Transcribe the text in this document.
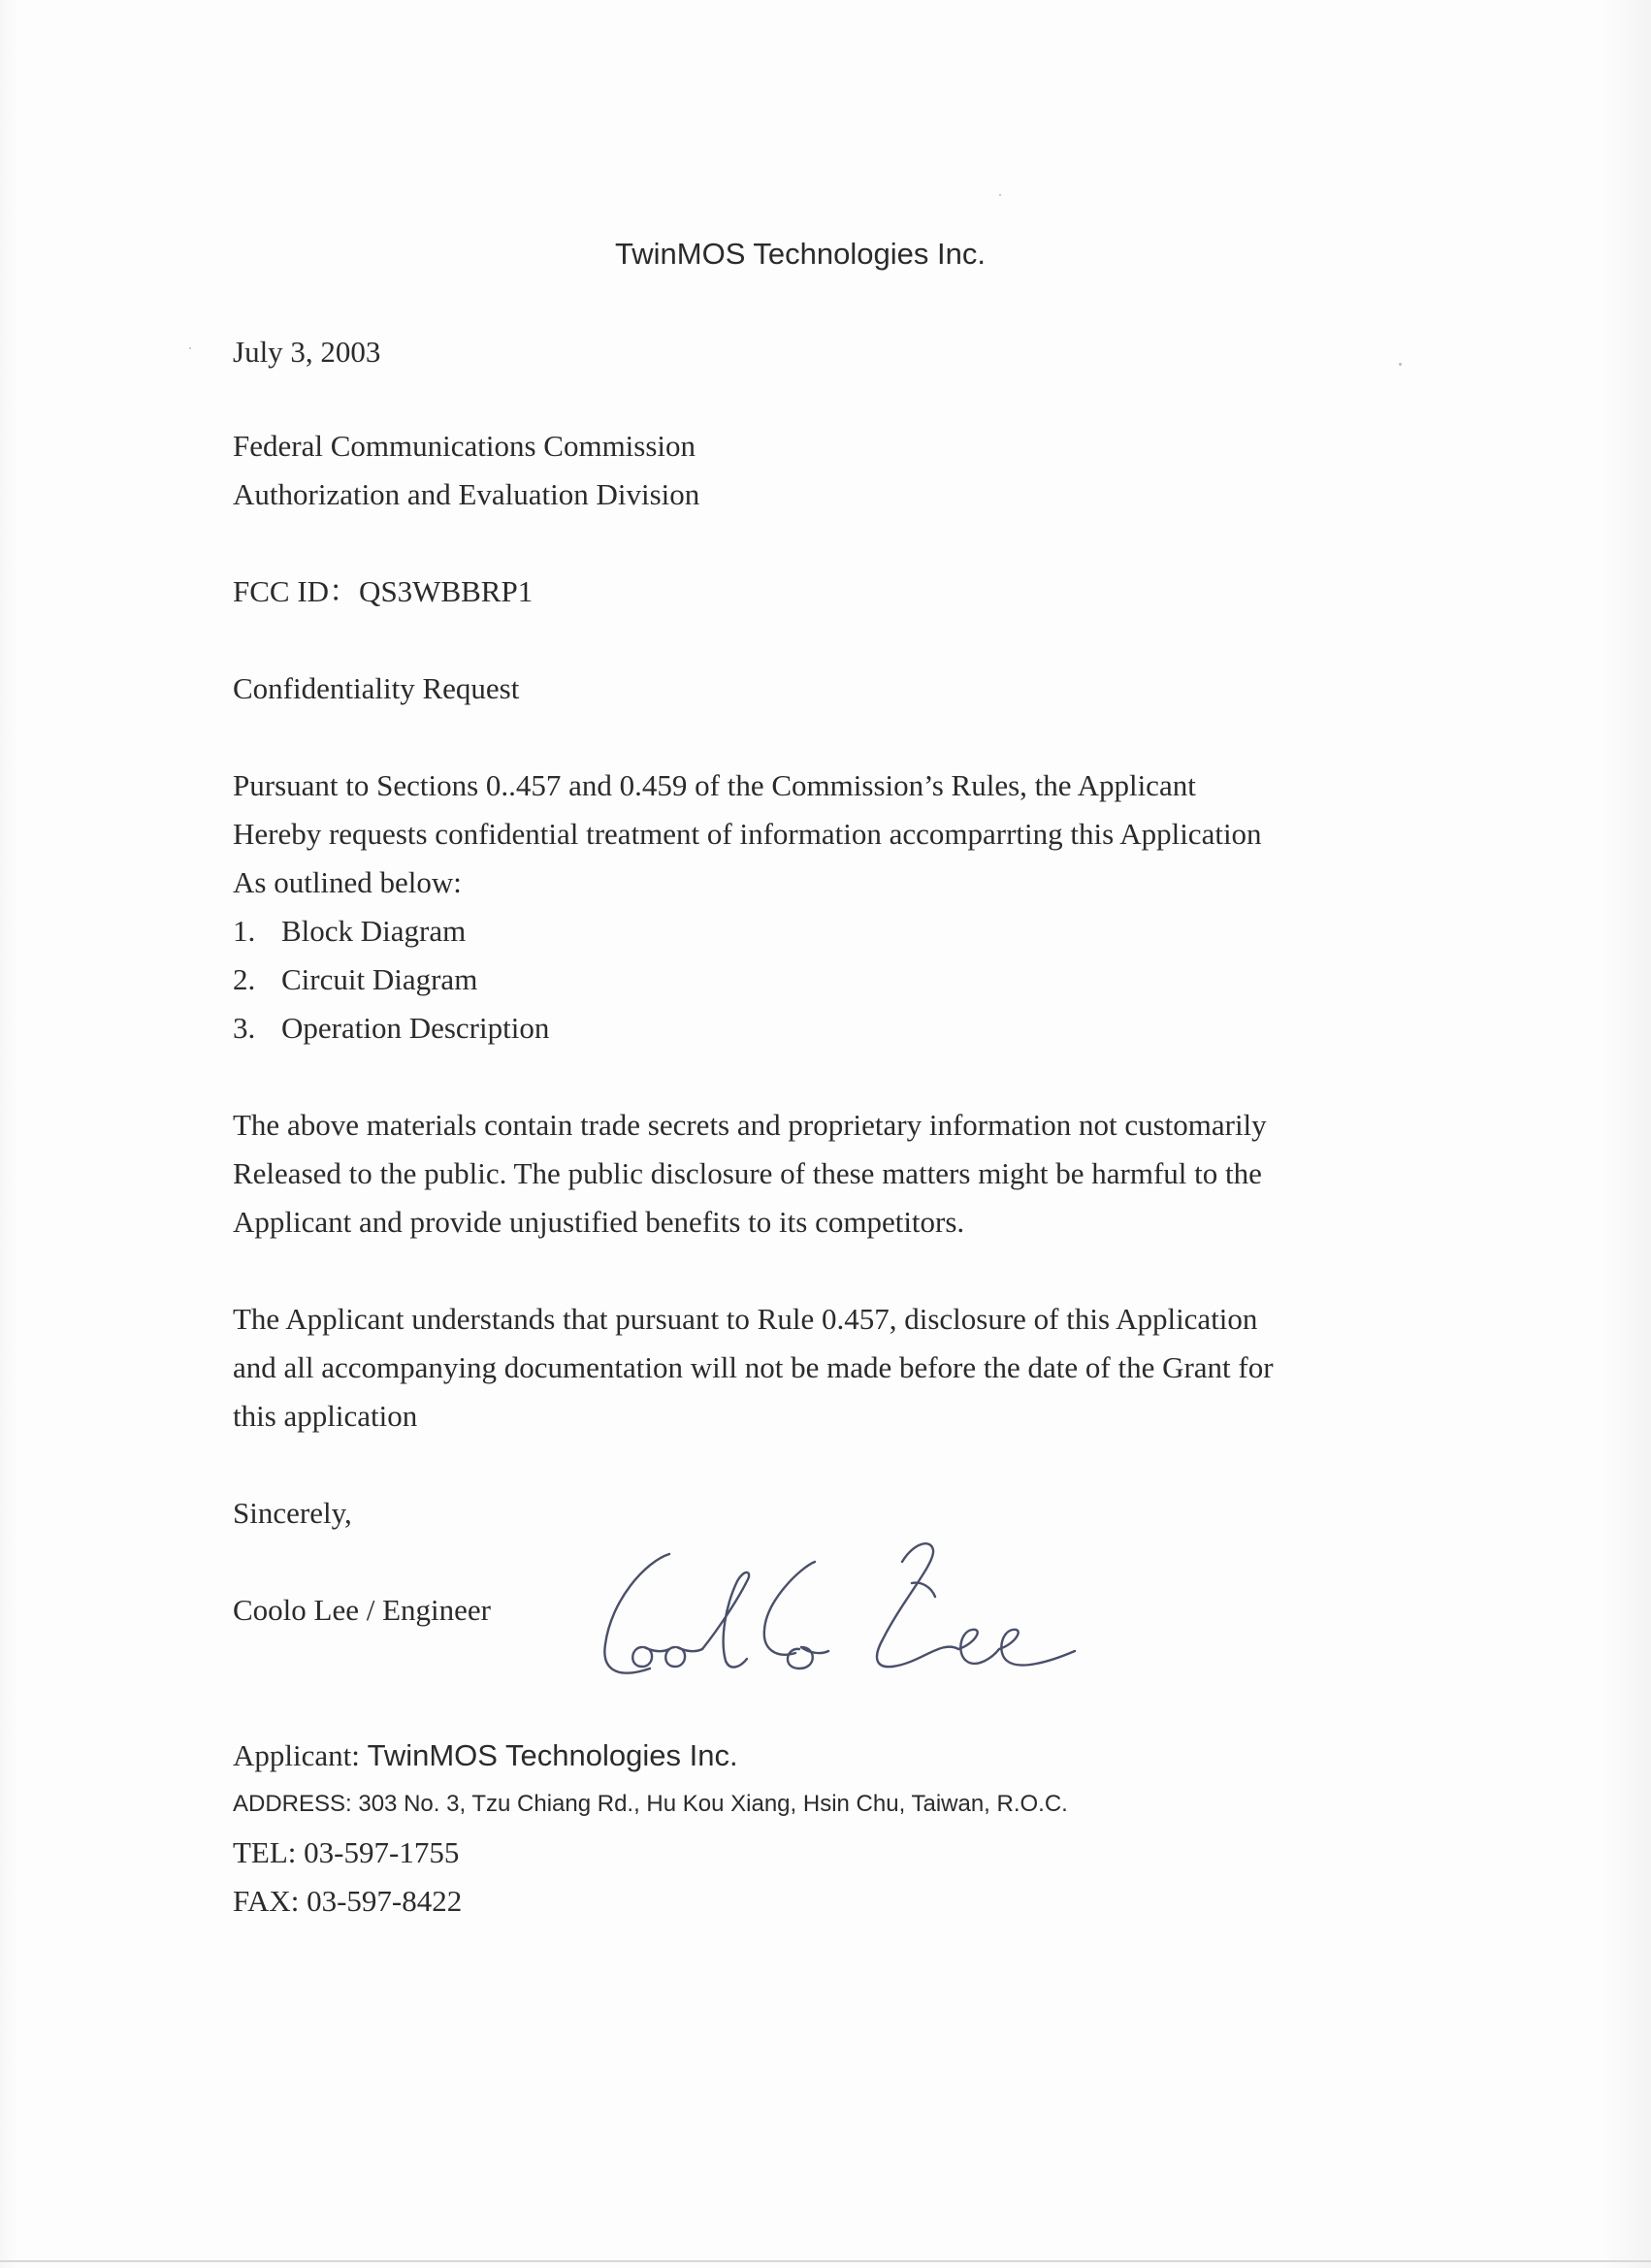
TwinMOS Technologies Inc.
July 3, 2003
Federal Communications Commission
Authorization and Evaluation Division
FCC ID：QS3WBBRP1
Confidentiality Request
Pursuant to Sections 0..457 and 0.459 of the Commission’s Rules, the Applicant
Hereby requests confidential treatment of information accomparrting this Application
As outlined below:
1. Block Diagram
2. Circuit Diagram
3. Operation Description
The above materials contain trade secrets and proprietary information not customarily
Released to the public. The public disclosure of these matters might be harmful to the
Applicant and provide unjustified benefits to its competitors.
The Applicant understands that pursuant to Rule 0.457, disclosure of this Application
and all accompanying documentation will not be made before the date of the Grant for
this application
Sincerely,
Coolo Lee / Engineer
Applicant: TwinMOS Technologies Inc.
ADDRESS: 303 No. 3, Tzu Chiang Rd., Hu Kou Xiang, Hsin Chu, Taiwan, R.O.C.
TEL: 03-597-1755
FAX: 03-597-8422
